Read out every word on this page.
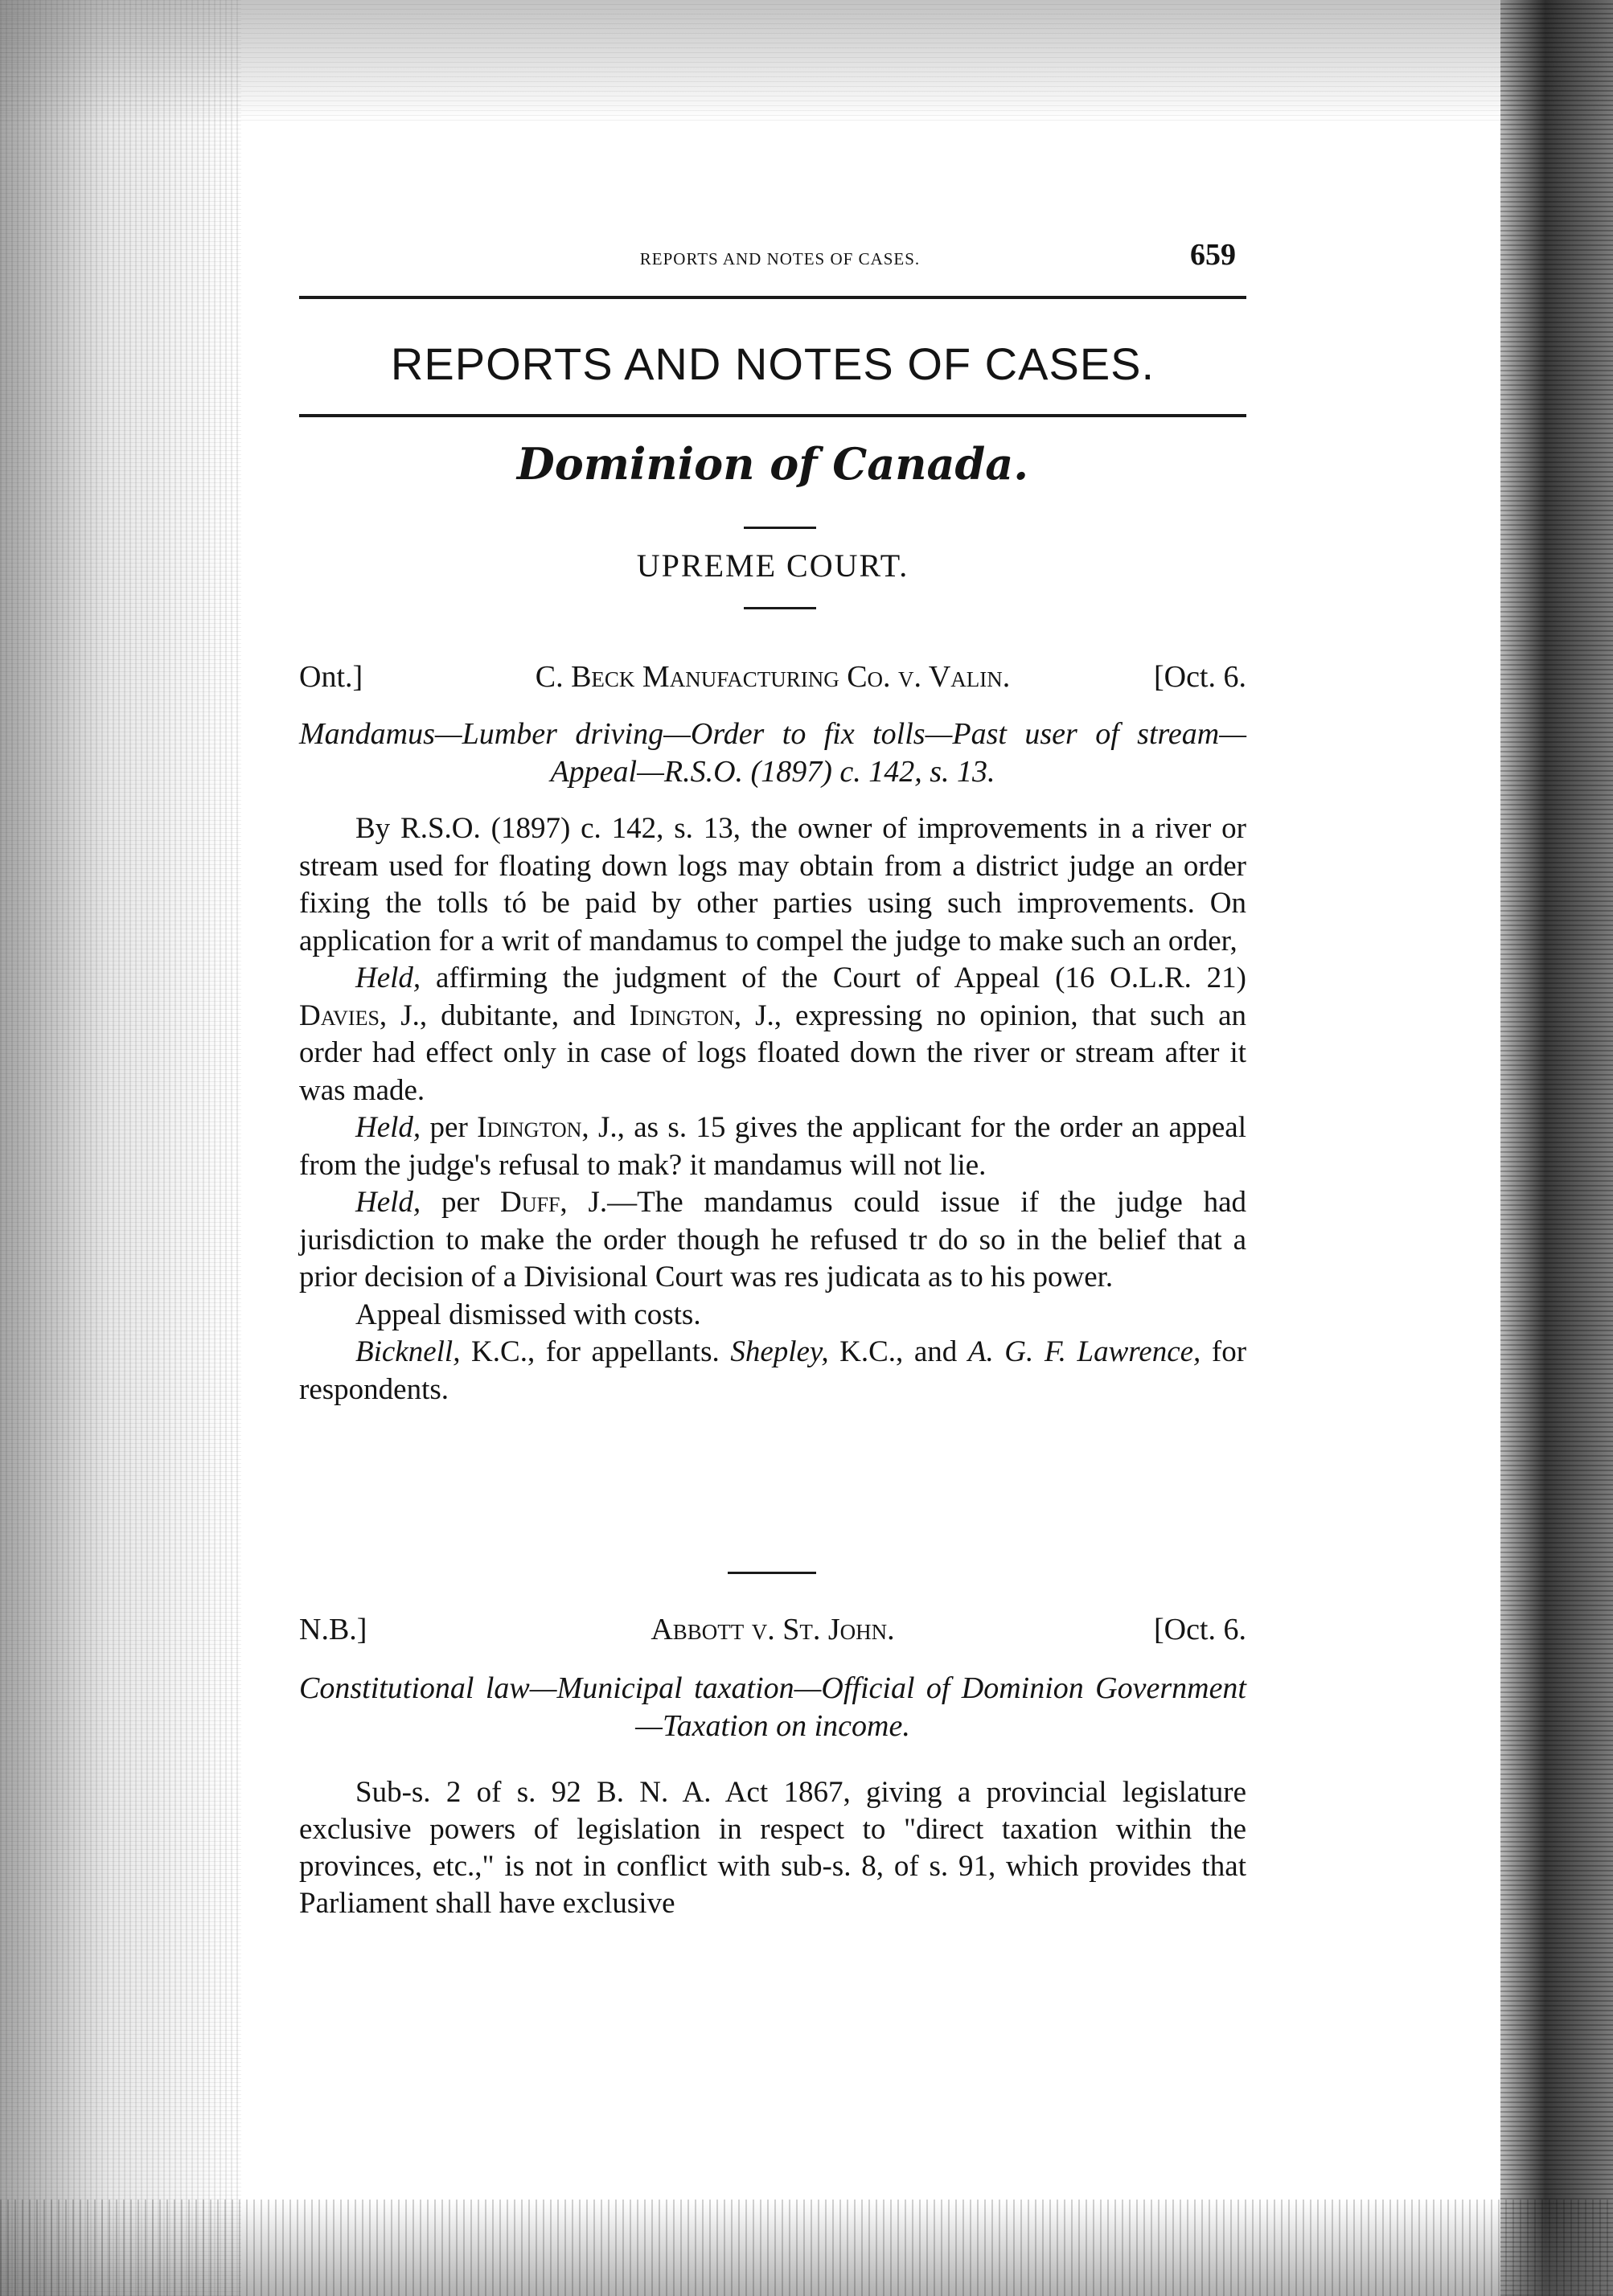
REPORTS AND NOTES OF CASES.	659
REPORTS AND NOTES OF CASES.
Dominion of Canada.
UPREME COURT.
Ont.]	C. Beck Manufacturing Co. v. Valin.	[Oct. 6.
Mandamus—Lumber driving—Order to fix tolls—Past user of stream—Appeal—R.S.O. (1897) c. 142, s. 13.

By R.S.O. (1897) c. 142, s. 13, the owner of improvements in a river or stream used for floating down logs may obtain from a district judge an order fixing the tolls tó be paid by other parties using such improvements. On application for a writ of mandamus to compel the judge to make such an order,

Held, affirming the judgment of the Court of Appeal (16 O.L.R. 21) Davies, J., dubitante, and Idington, J., expressing no opinion, that such an order had effect only in case of logs floated down the river or stream after it was made.

Held, per Idington, J., as s. 15 gives the applicant for the order an appeal from the judge's refusal to mak? it mandamus will not lie.

Held, per Duff, J.—The mandamus could issue if the judge had jurisdiction to make the order though he refused tr do so in the belief that a prior decision of a Divisional Court was res judicata as to his power.

Appeal dismissed with costs.

Bicknell, K.C., for appellants. Shepley, K.C., and A. G. F. Lawrence, for respondents.

N.B.]	Abbott v. St. John.	[Oct. 6.
Constitutional law—Municipal taxation—Official of Dominion Government—Taxation on income.

Sub-s. 2 of s. 92 B. N. A. Act 1867, giving a provincial legislature exclusive powers of legislation in respect to "direct taxation within the provinces, etc.," is not in conflict with sub-s. 8, of s. 91, which provides that Parliament shall have exclusive
